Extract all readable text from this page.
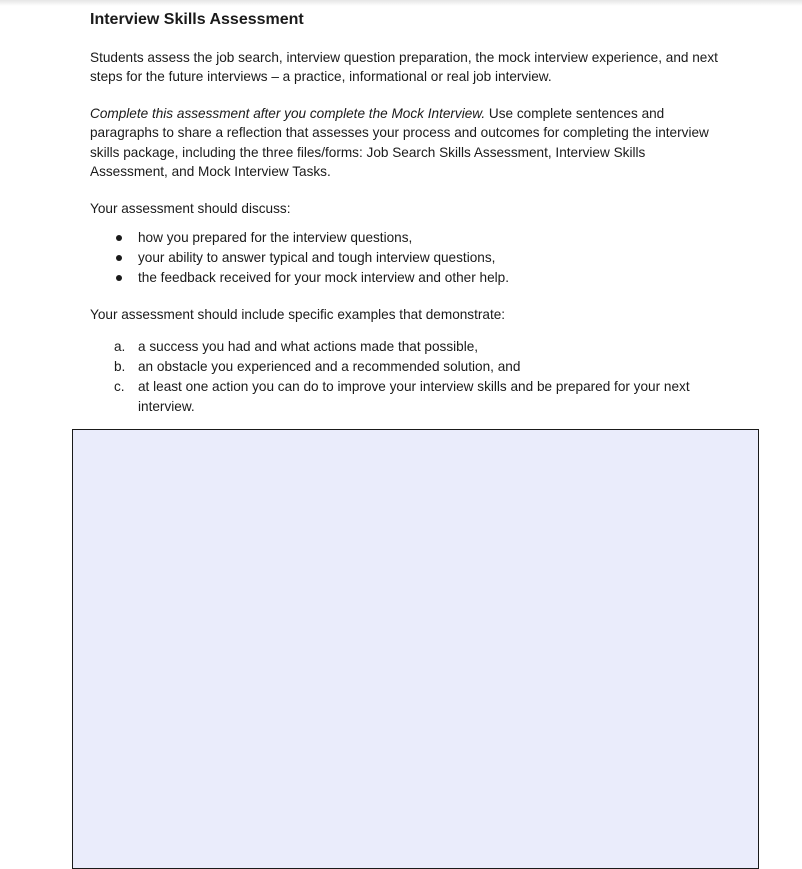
Interview Skills Assessment

Students assess the job search, interview question preparation, the mock interview experience, and next steps for the future interviews – a practice, informational or real job interview.

Complete this assessment after you complete the Mock Interview. Use complete sentences and paragraphs to share a reflection that assesses your process and outcomes for completing the interview skills package, including the three files/forms: Job Search Skills Assessment, Interview Skills Assessment, and Mock Interview Tasks.

Your assessment should discuss:

how you prepared for the interview questions,
your ability to answer typical and tough interview questions,
the feedback received for your mock interview and other help.

Your assessment should include specific examples that demonstrate:

a. a success you had and what actions made that possible,
b. an obstacle you experienced and a recommended solution, and
c. at least one action you can do to improve your interview skills and be prepared for your next interview.
